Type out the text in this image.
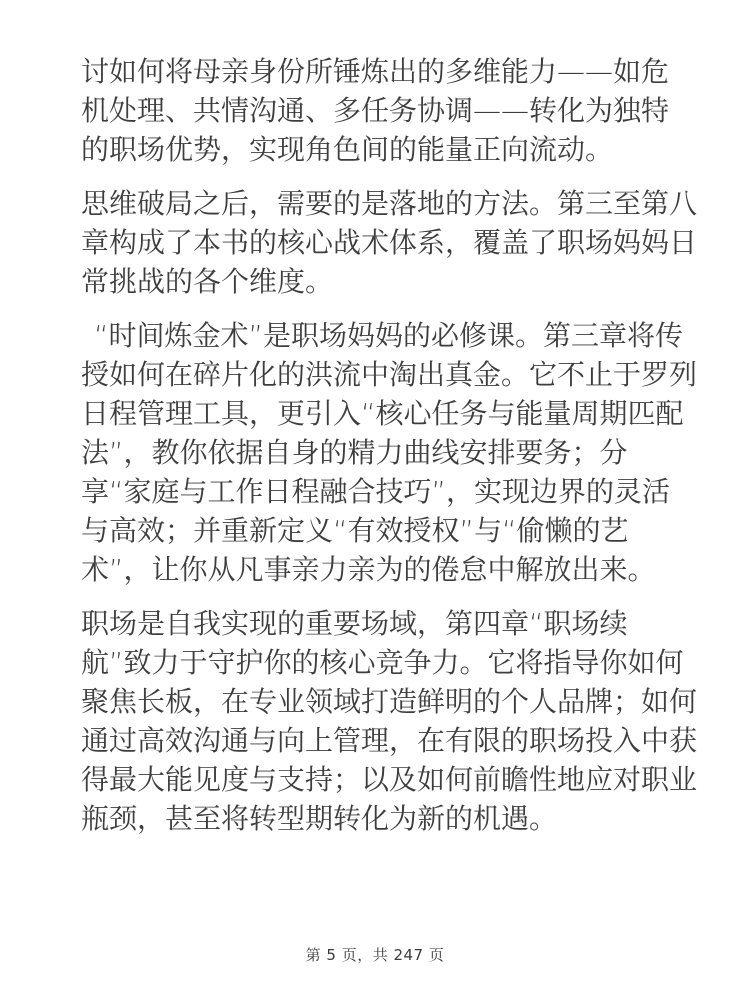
讨如何将母亲身份所锤炼出的多维能力——如危
机处理、共情沟通、多任务协调——转化为独特
的职场优势，实现角色间的能量正向流动。
思维破局之后，需要的是落地的方法。第三至第八
章构成了本书的核心战术体系，覆盖了职场妈妈日
常挑战的各个维度。
“时间炼金术”是职场妈妈的必修课。第三章将传
授如何在碎片化的洪流中淘出真金。它不止于罗列
日程管理工具，更引入“核心任务与能量周期匹配
法”，教你依据自身的精力曲线安排要务；分
享“家庭与工作日程融合技巧”，实现边界的灵活
与高效；并重新定义“有效授权”与“偷懒的艺
术”，让你从凡事亲力亲为的倦怠中解放出来。
职场是自我实现的重要场域，第四章“职场续
航”致力于守护你的核心竞争力。它将指导你如何
聚焦长板，在专业领域打造鲜明的个人品牌；如何
通过高效沟通与向上管理，在有限的职场投入中获
得最大能见度与支持；以及如何前瞻性地应对职业
瓶颈，甚至将转型期转化为新的机遇。
第 5 页，共 247 页
